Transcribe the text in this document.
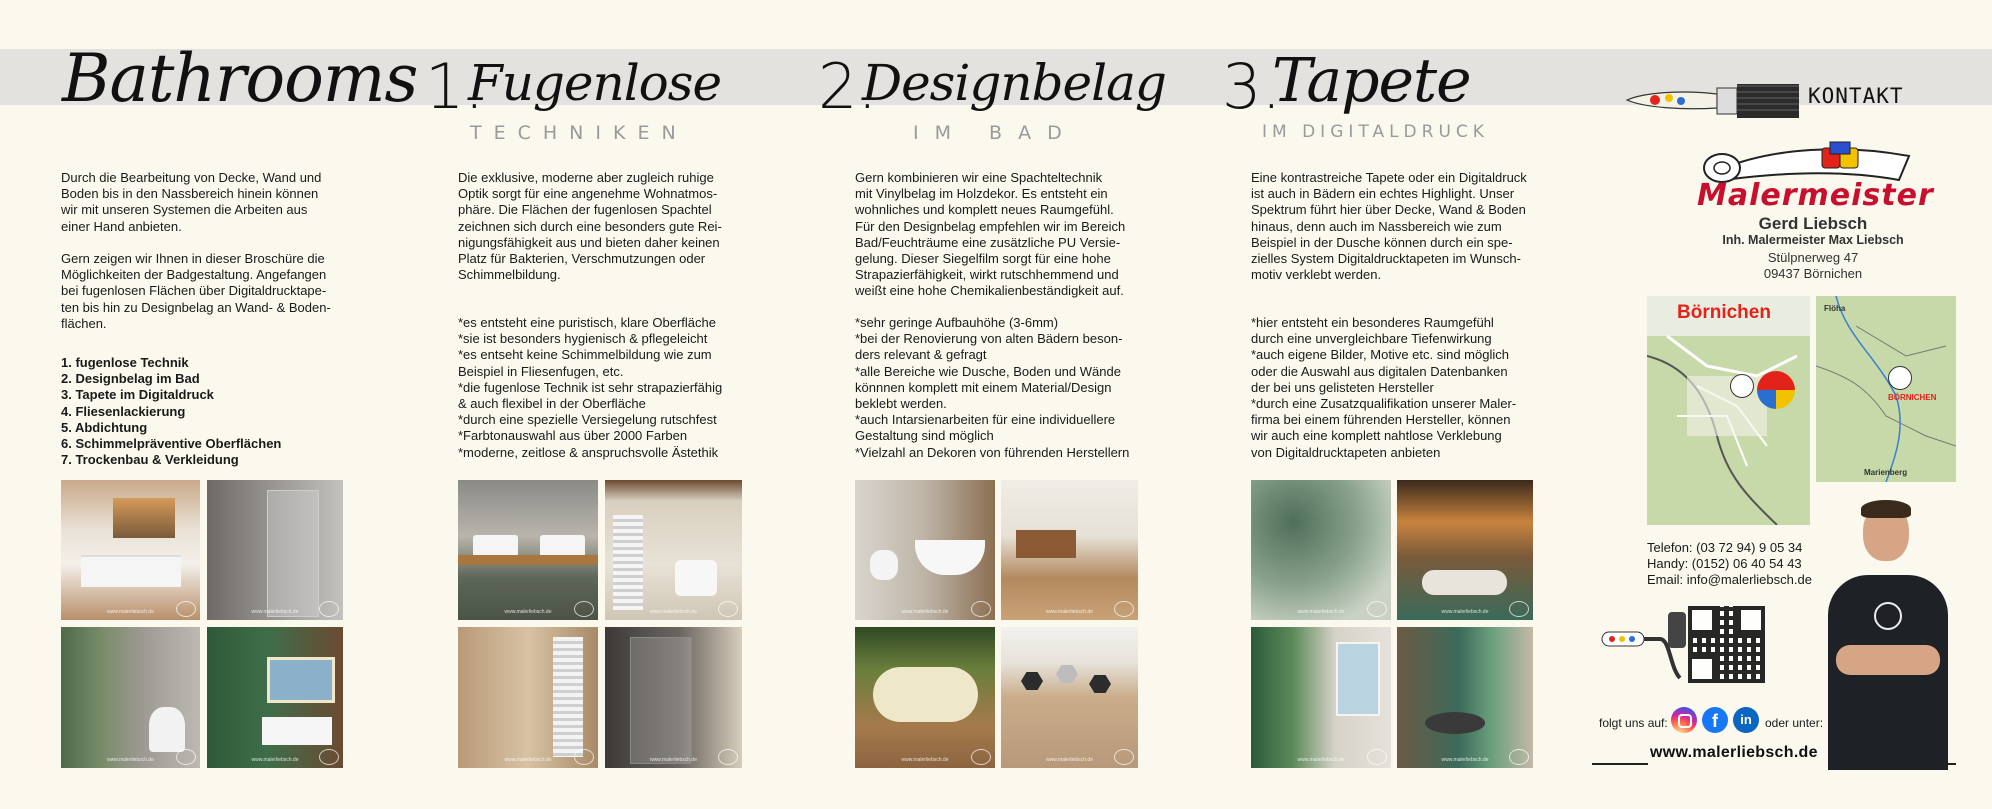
Bathrooms
Durch die Bearbeitung von Decke, Wand und
Boden bis in den Nassbereich hinein können
wir mit unseren Systemen die Arbeiten aus
einer Hand anbieten.

Gern zeigen wir Ihnen in dieser Broschüre die
Möglichkeiten der Badgestaltung. Angefangen
bei fugenlosen Flächen über Digitaldrucktape-
ten bis hin zu Designbelag an Wand- & Boden-
flächen.
1. fugenlose Technik
2. Designbelag im Bad
3. Tapete im Digitaldruck
4. Fliesenlackierung
5. Abdichtung
6. Schimmelpräventive Oberflächen
7. Trockenbau & Verkleidung
1.
Fugenlose
TECHNIKEN
Die exklusive, moderne aber zugleich ruhige
Optik sorgt für eine angenehme Wohnatmos-
phäre. Die Flächen der fugenlosen Spachtel
zeichnen sich durch eine besonders gute Rei-
nigungsfähigkeit aus und bieten daher keinen
Platz für Bakterien, Verschmutzungen oder
Schimmelbildung.
*es entsteht eine puristisch, klare Oberfläche
*sie ist besonders hygienisch & pflegeleicht
*es entseht keine Schimmelbildung wie zum
Beispiel in Fliesenfugen, etc.
*die fugenlose Technik ist sehr strapazierfähig
& auch flexibel in der Oberfläche
*durch eine spezielle Versiegelung rutschfest
*Farbtonauswahl aus über 2000 Farben
*moderne, zeitlose & anspruchsvolle Ästethik
2.
Designbelag
IM BAD
Gern kombinieren wir eine Spachteltechnik
mit Vinylbelag im Holzdekor. Es entsteht ein
wohnliches und komplett neues Raumgefühl.
Für den Designbelag empfehlen wir im Bereich
Bad/Feuchträume eine zusätzliche PU Versie-
gelung. Dieser Siegelfilm sorgt für eine hohe
Strapazierfähigkeit, wirkt rutschhemmend und
weißt eine hohe Chemikalienbeständigkeit auf.
*sehr geringe Aufbauhöhe (3-6mm)
*bei der Renovierung von alten Bädern beson-
ders relevant & gefragt
*alle Bereiche wie Dusche, Boden und Wände
könnnen komplett mit einem Material/Design
beklebt werden.
*auch Intarsienarbeiten für eine individuellere
Gestaltung sind möglich
*Vielzahl an Dekoren von führenden Herstellern
3.
Tapete
IM DIGITALDRUCK
Eine kontrastreiche Tapete oder ein Digitaldruck
ist auch in Bädern ein echtes Highlight. Unser
Spektrum führt hier über Decke, Wand & Boden
hinaus, denn auch im Nassbereich wie zum
Beispiel in der Dusche können durch ein spe-
zielles System Digitaldrucktapeten im Wunsch-
motiv verklebt werden.
*hier entsteht ein besonderes Raumgefühl
durch eine unvergleichbare Tiefenwirkung
*auch eigene Bilder, Motive etc. sind möglich
oder die Auswahl aus digitalen Datenbanken
der bei uns gelisteten Hersteller
*durch eine Zusatzqualifikation unserer Maler-
firma bei einem führenden Hersteller, können
wir auch eine komplett nahtlose Verklebung
von Digitaldrucktapeten anbieten
www.malerliebsch.de	www.malerliebsch.de
www.malerliebsch.de	www.malerliebsch.de
www.malerliebsch.de	www.malerliebsch.de
www.malerliebsch.de	www.malerliebsch.de
www.malerliebsch.de	www.malerliebsch.de
www.malerliebsch.de	www.malerliebsch.de
www.malerliebsch.de	www.malerliebsch.de
www.malerliebsch.de	www.malerliebsch.de
KONTAKT
Malermeister
Gerd Liebsch
Inh. Malermeister Max Liebsch
Stülpnerweg 47
09437 Börnichen
Börnichen	Flöha
BÖRNICHEN
Marienberg
Telefon: (03 72 94) 9 05 34
Handy: (0152) 06 40 54 43
Email: info@malerliebsch.de
folgt uns auf:	f	in	oder unter:
www.malerliebsch.de
